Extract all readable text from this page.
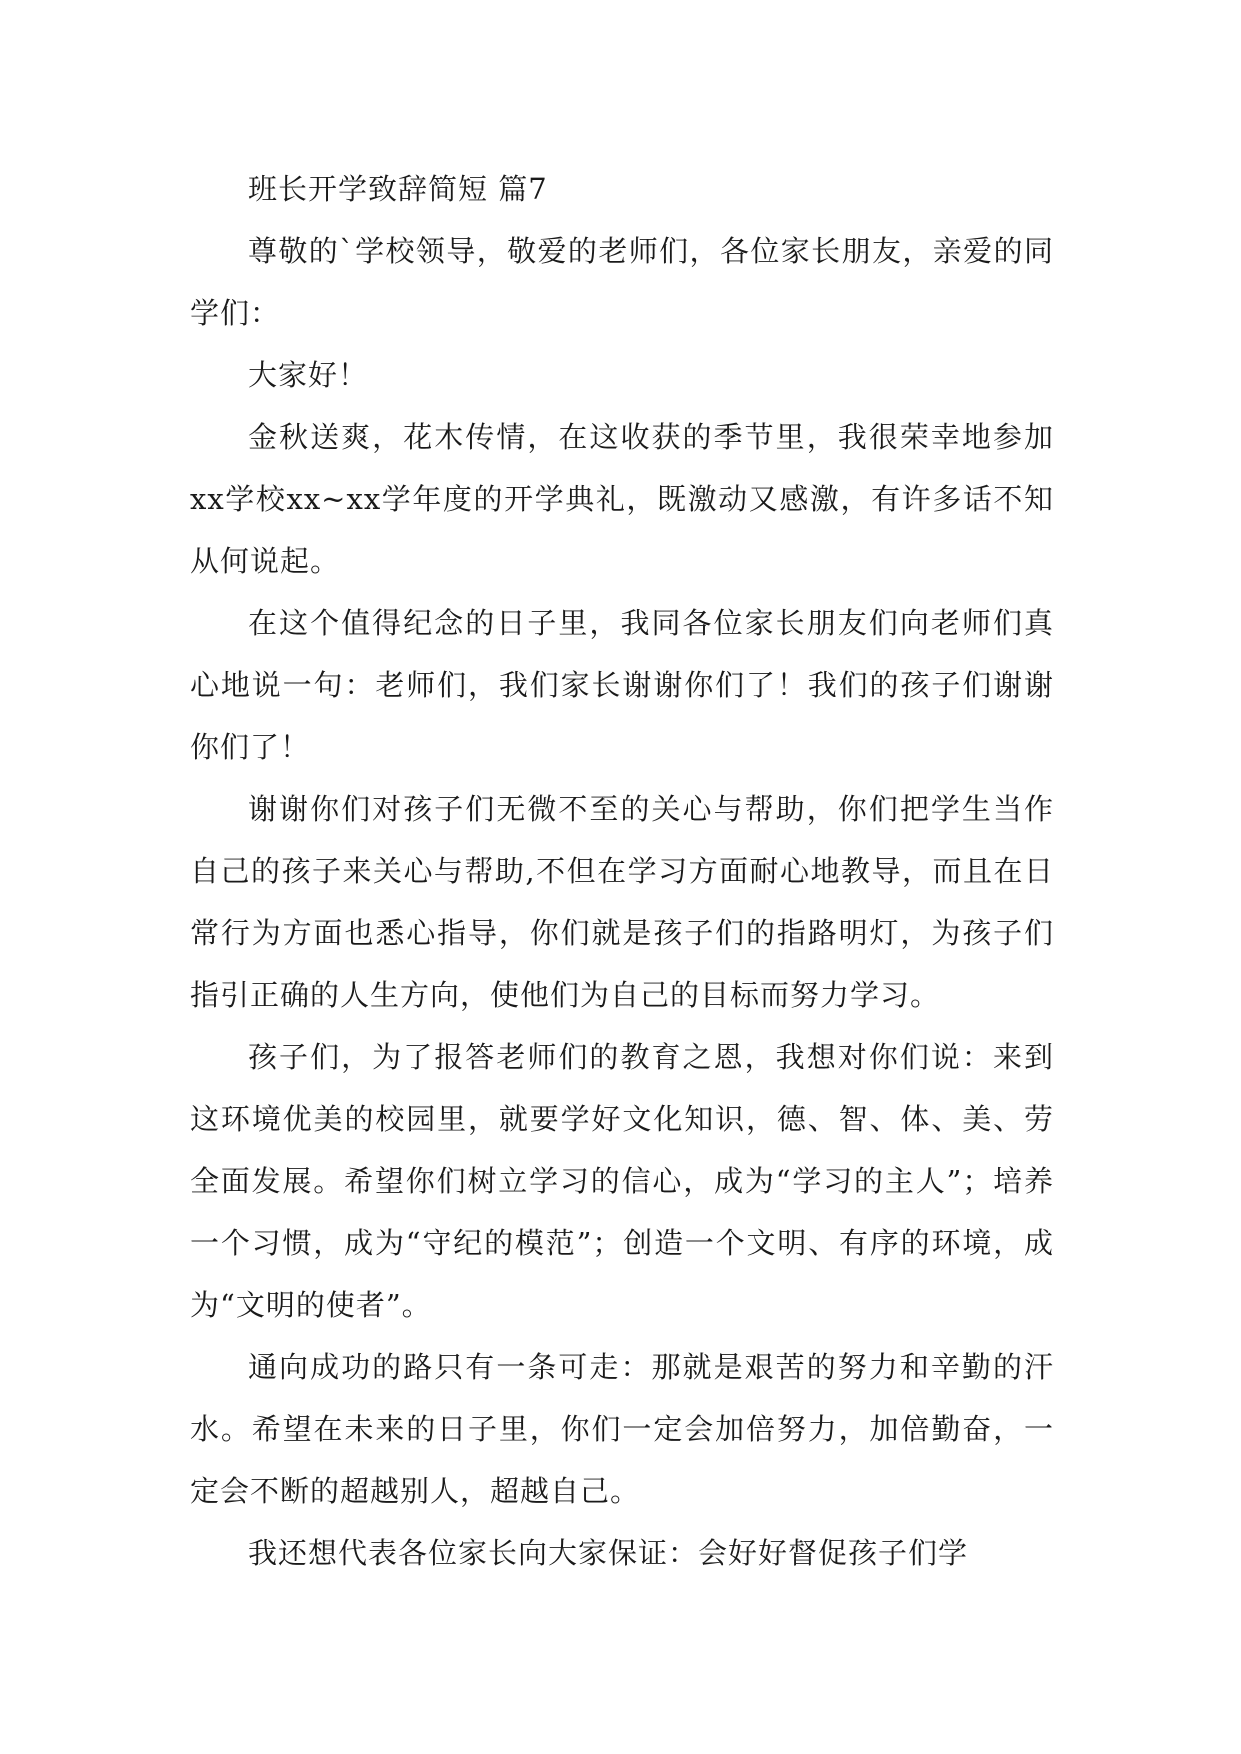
班长开学致辞简短 篇7

尊敬的`学校领导，敬爱的老师们，各位家长朋友，亲爱的同学们：

大家好！

金秋送爽，花木传情，在这收获的季节里，我很荣幸地参加xx学校xx~xx学年度的开学典礼，既激动又感激，有许多话不知从何说起。

在这个值得纪念的日子里，我同各位家长朋友们向老师们真心地说一句：老师们，我们家长谢谢你们了！我们的孩子们谢谢你们了！

谢谢你们对孩子们无微不至的关心与帮助，你们把学生当作自己的孩子来关心与帮助,不但在学习方面耐心地教导，而且在日常行为方面也悉心指导，你们就是孩子们的指路明灯，为孩子们指引正确的人生方向，使他们为自己的目标而努力学习。

孩子们，为了报答老师们的教育之恩，我想对你们说：来到这环境优美的校园里，就要学好文化知识，德、智、体、美、劳全面发展。希望你们树立学习的信心，成为“学习的主人”；培养一个习惯，成为“守纪的模范”；创造一个文明、有序的环境，成为“文明的使者”。

通向成功的路只有一条可走：那就是艰苦的努力和辛勤的汗水。希望在未来的日子里，你们一定会加倍努力，加倍勤奋，一定会不断的超越别人，超越自己。

我还想代表各位家长向大家保证：会好好督促孩子们学
